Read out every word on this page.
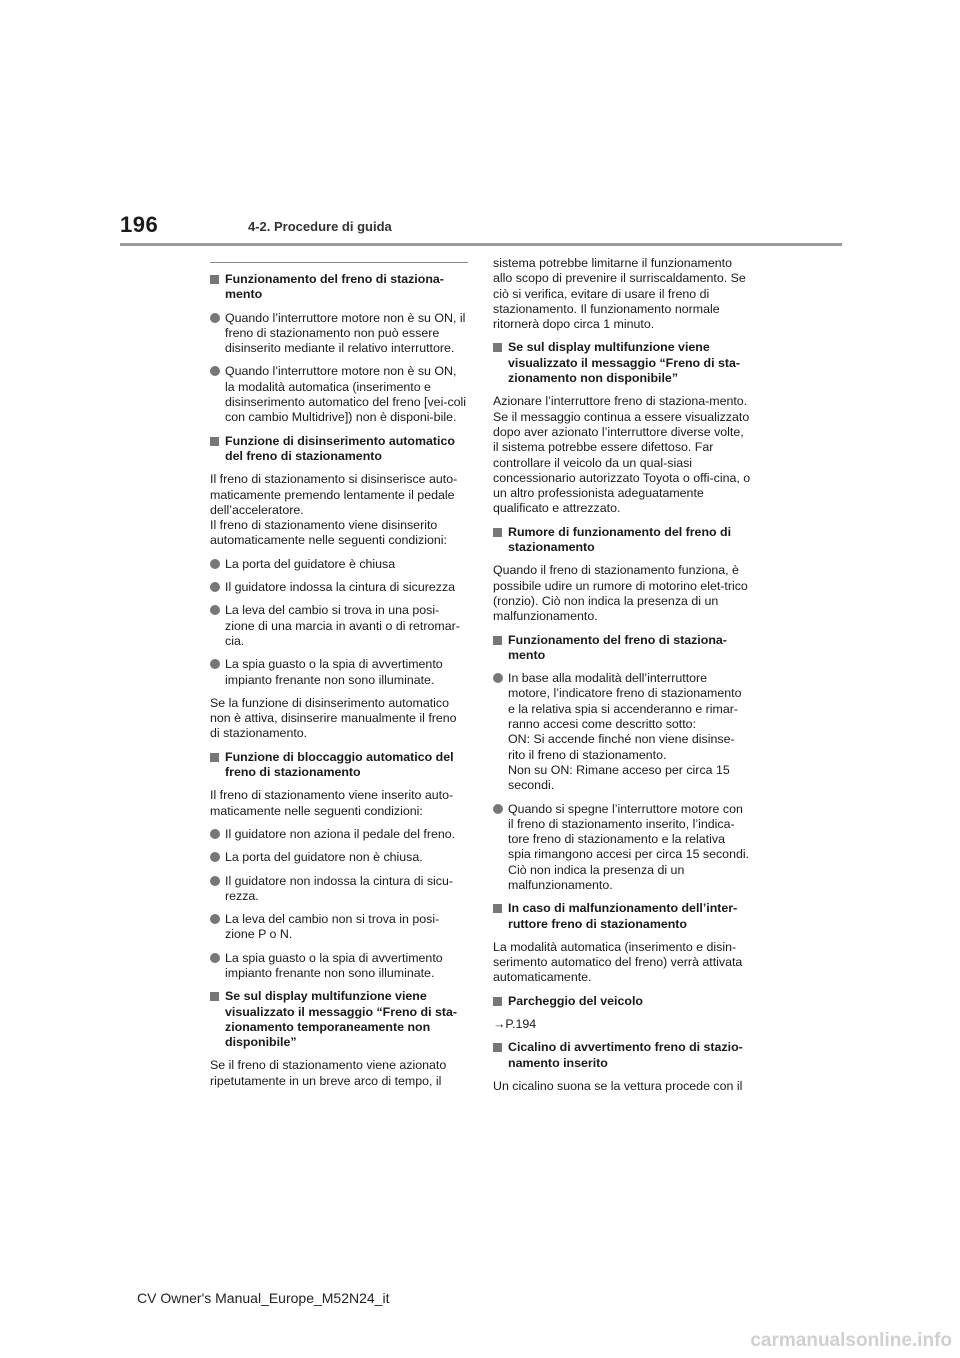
196	4-2. Procedure di guida
Funzionamento del freno di staziona-
mento
Quando l’interruttore motore non è su ON, il freno di stazionamento non può essere disinserito mediante il relativo interruttore.
Quando l’interruttore motore non è su ON, la modalità automatica (inserimento e disinserimento automatico del freno [vei-coli con cambio Multidrive]) non è disponi-bile.
Funzione di disinserimento automatico del freno di stazionamento
Il freno di stazionamento si disinserisce auto-maticamente premendo lentamente il pedale dell’acceleratore.
Il freno di stazionamento viene disinserito automaticamente nelle seguenti condizioni:
La porta del guidatore è chiusa
Il guidatore indossa la cintura di sicurezza
La leva del cambio si trova in una posi-zione di una marcia in avanti o di retromar-cia.
La spia guasto o la spia di avvertimento impianto frenante non sono illuminate.
Se la funzione di disinserimento automatico non è attiva, disinserire manualmente il freno di stazionamento.
Funzione di bloccaggio automatico del freno di stazionamento
Il freno di stazionamento viene inserito auto-maticamente nelle seguenti condizioni:
Il guidatore non aziona il pedale del freno.
La porta del guidatore non è chiusa.
Il guidatore non indossa la cintura di sicu-rezza.
La leva del cambio non si trova in posi-zione P o N.
La spia guasto o la spia di avvertimento impianto frenante non sono illuminate.
Se sul display multifunzione viene visualizzato il messaggio “Freno di sta-zionamento temporaneamente non disponibile”
Se il freno di stazionamento viene azionato ripetutamente in un breve arco di tempo, il
sistema potrebbe limitarne il funzionamento allo scopo di prevenire il surriscaldamento. Se ciò si verifica, evitare di usare il freno di stazionamento. Il funzionamento normale ritornerà dopo circa 1 minuto.
Se sul display multifunzione viene visualizzato il messaggio “Freno di sta-zionamento non disponibile”
Azionare l’interruttore freno di staziona-mento. Se il messaggio continua a essere visualizzato dopo aver azionato l’interruttore diverse volte, il sistema potrebbe essere difettoso. Far controllare il veicolo da un qual-siasi concessionario autorizzato Toyota o offi-cina, o un altro professionista adeguatamente qualificato e attrezzato.
Rumore di funzionamento del freno di stazionamento
Quando il freno di stazionamento funziona, è possibile udire un rumore di motorino elet-trico (ronzio). Ciò non indica la presenza di un malfunzionamento.
Funzionamento del freno di staziona-mento
In base alla modalità dell’interruttore motore, l’indicatore freno di stazionamento e la relativa spia si accenderanno e rimar-ranno accesi come descritto sotto:
ON: Si accende finché non viene disinse-rito il freno di stazionamento.
Non su ON: Rimane acceso per circa 15 secondi.
Quando si spegne l’interruttore motore con il freno di stazionamento inserito, l’indica-tore freno di stazionamento e la relativa spia rimangono accesi per circa 15 secondi. Ciò non indica la presenza di un malfunzionamento.
In caso di malfunzionamento dell’inter-ruttore freno di stazionamento
La modalità automatica (inserimento e disin-serimento automatico del freno) verrà attivata automaticamente.
Parcheggio del veicolo
→P.194
Cicalino di avvertimento freno di stazio-namento inserito
Un cicalino suona se la vettura procede con il
CV Owner's Manual_Europe_M52N24_it
carmanualsonline.info
